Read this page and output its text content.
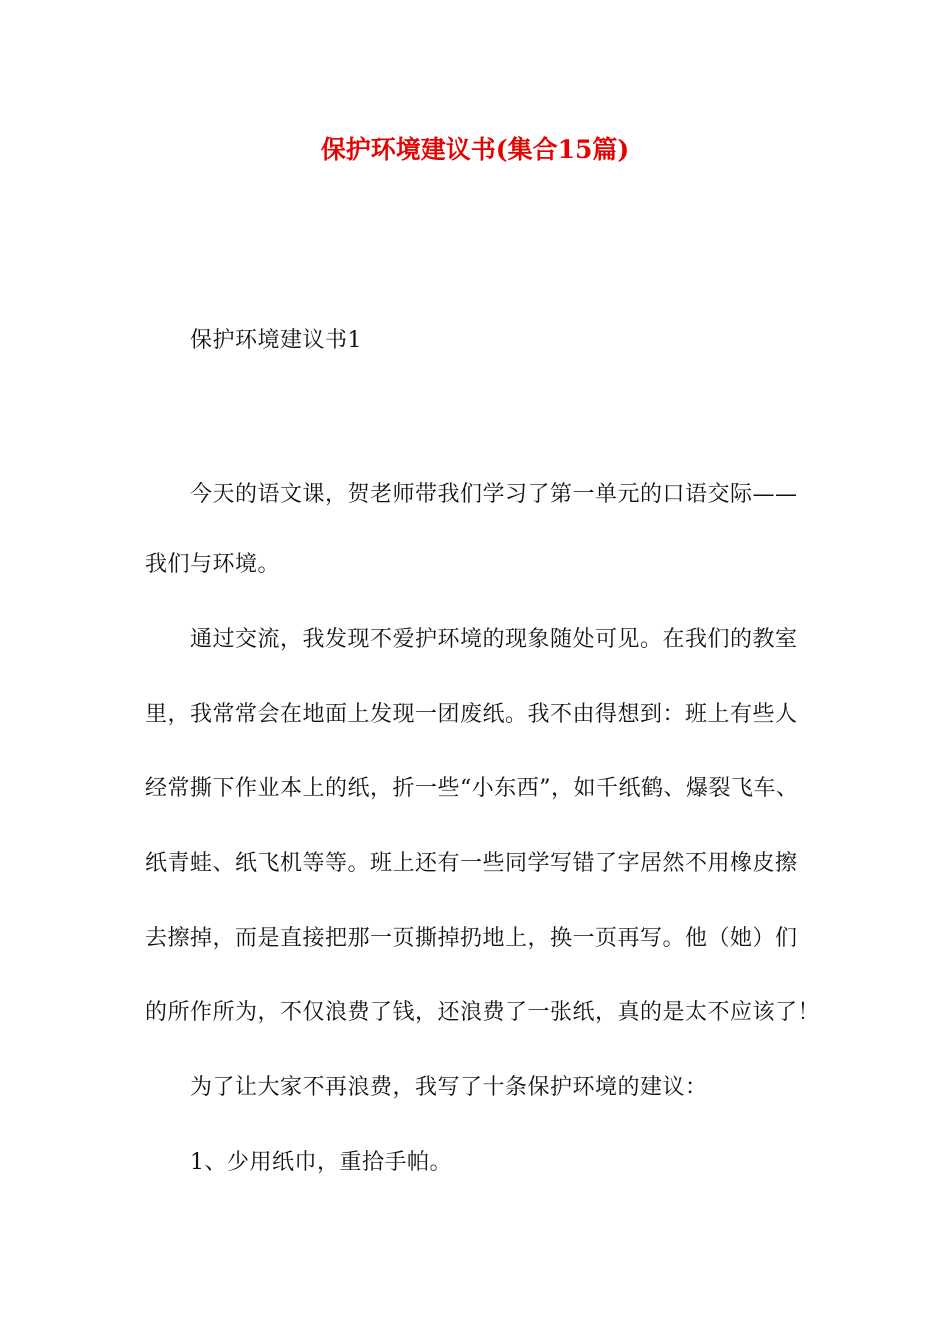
保护环境建议书(集合15篇)
保护环境建议书1
今天的语文课，贺老师带我们学习了第一单元的口语交际——
我们与环境。
通过交流，我发现不爱护环境的现象随处可见。在我们的教室
里，我常常会在地面上发现一团废纸。我不由得想到：班上有些人
经常撕下作业本上的纸，折一些“小东西”，如千纸鹤、爆裂飞车、
纸青蛙、纸飞机等等。班上还有一些同学写错了字居然不用橡皮擦
去擦掉，而是直接把那一页撕掉扔地上，换一页再写。他（她）们
的所作所为，不仅浪费了钱，还浪费了一张纸，真的是太不应该了！
为了让大家不再浪费，我写了十条保护环境的建议：
1、少用纸巾，重拾手帕。
